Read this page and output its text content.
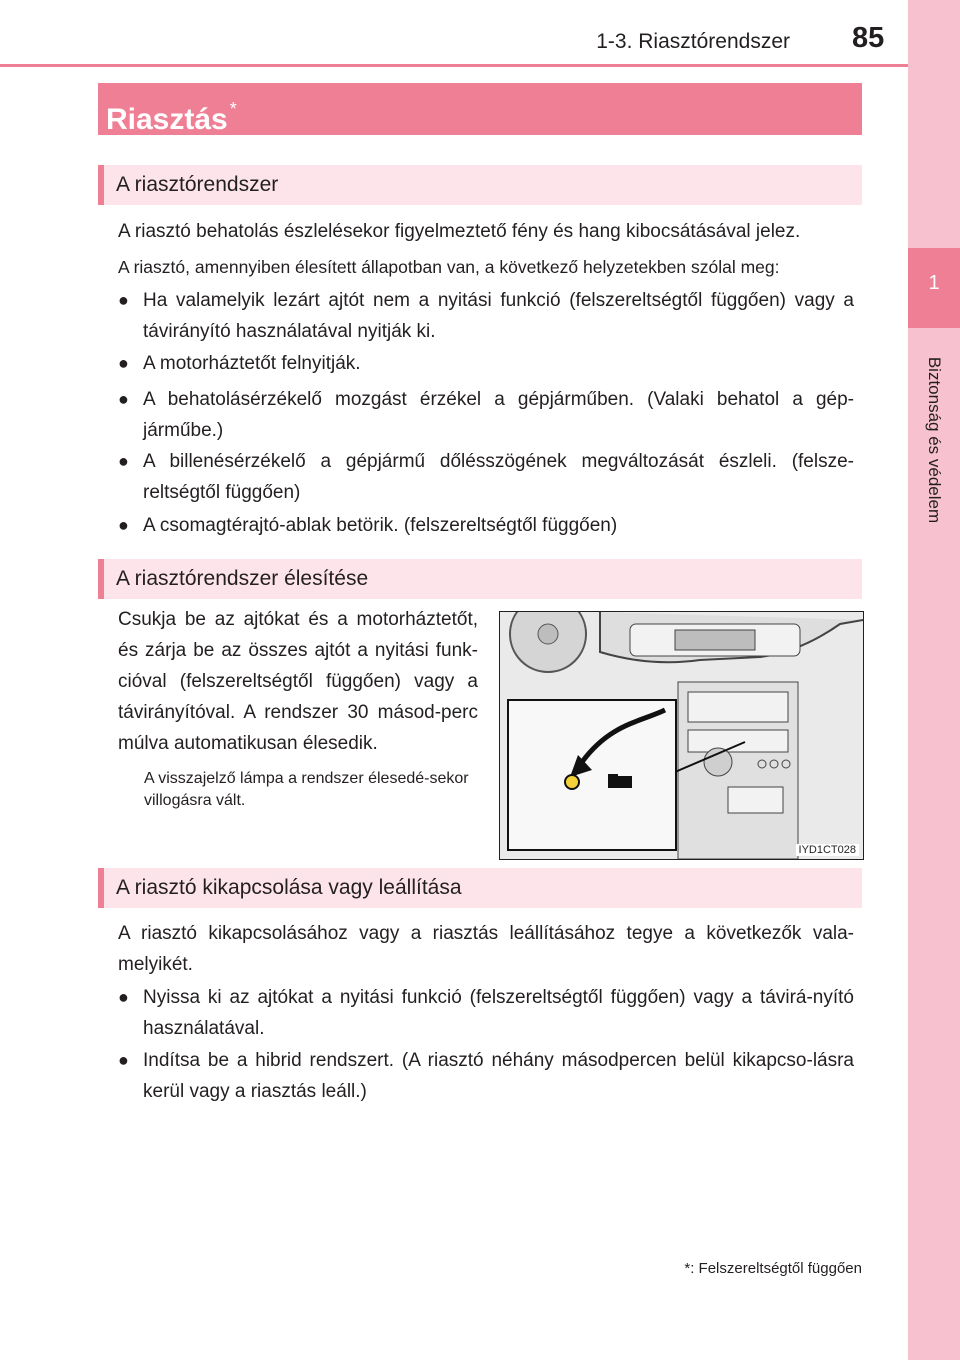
1
Biztonság és védelem
1-3. Riasztórendszer 85
Riasztás *
A riasztórendszer
A riasztó behatolás észlelésekor figyelmeztető fény és hang kibocsátásával jelez.
A riasztó, amennyiben élesített állapotban van, a következő helyzetekben szólal meg:
● Ha valamelyik lezárt ajtót nem a nyitási funkció (felszereltségtől függően) vagy a távirányító használatával nyitják ki.
● A motorháztetőt felnyitják.
● A behatolásérzékelő mozgást érzékel a gépjárműben. (Valaki behatol a gép-járműbe.)
● A billenésérzékelő a gépjármű dőlésszögének megváltozását észleli. (felsze-reltségtől függően)
● A csomagtérajtó-ablak betörik. (felszereltségtől függően)
A riasztórendszer élesítése
Csukja be az ajtókat és a motorháztetőt, és zárja be az összes ajtót a nyitási funk-cióval (felszereltségtől függően) vagy a távirányítóval. A rendszer 30 másod-perc múlva automatikusan élesedik.
A visszajelző lámpa a rendszer élesedé-sekor villogásra vált.
IYD1CT028
A riasztó kikapcsolása vagy leállítása
A riasztó kikapcsolásához vagy a riasztás leállításához tegye a következők vala-melyikét.
● Nyissa ki az ajtókat a nyitási funkció (felszereltségtől függően) vagy a távirá-nyító használatával.
● Indítsa be a hibrid rendszert. (A riasztó néhány másodpercen belül kikapcso-lásra kerül vagy a riasztás leáll.)
*: Felszereltségtől függően
